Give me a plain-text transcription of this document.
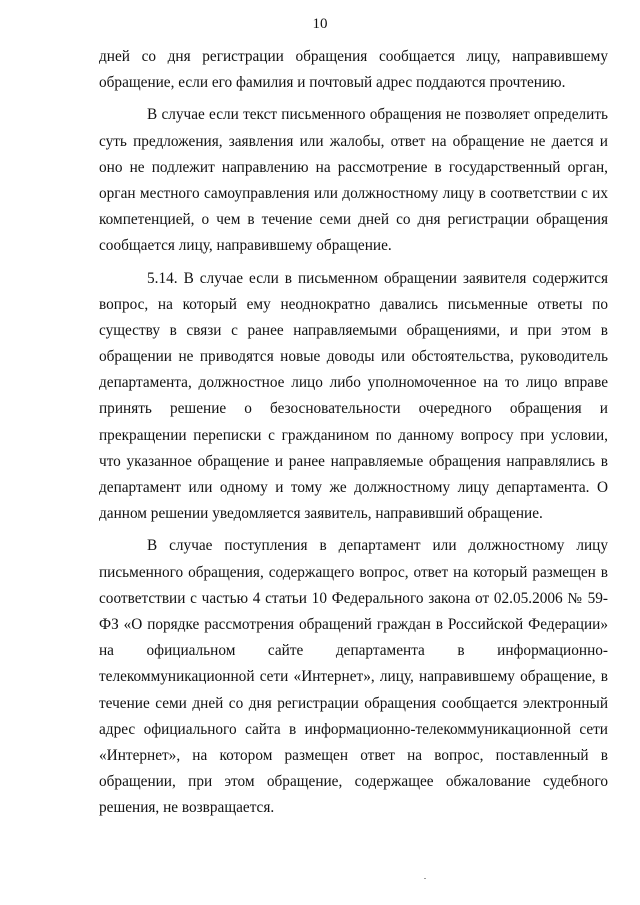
10
дней со дня регистрации обращения сообщается лицу, направившему
обращение, если его фамилия и почтовый адрес поддаются прочтению.
В случае если текст письменного обращения не позволяет определить
суть предложения, заявления или жалобы, ответ на обращение не дается и
оно не подлежит направлению на рассмотрение в государственный орган,
орган местного самоуправления или должностному лицу в соответствии с их
компетенцией, о чем в течение семи дней со дня регистрации обращения
сообщается лицу, направившему обращение.
5.14. В случае если в письменном обращении заявителя содержится
вопрос, на который ему неоднократно давались письменные ответы по
существу в связи с ранее направляемыми обращениями, и при этом в
обращении не приводятся новые доводы или обстоятельства, руководитель
департамента, должностное лицо либо уполномоченное на то лицо вправе
принять решение о безосновательности очередного обращения и
прекращении переписки с гражданином по данному вопросу при условии,
что указанное обращение и ранее направляемые обращения направлялись в
департамент или одному и тому же должностному лицу департамента. О
данном решении уведомляется заявитель, направивший обращение.
В случае поступления в департамент или должностному лицу
письменного обращения, содержащего вопрос, ответ на который размещен в
соответствии с частью 4 статьи 10 Федерального закона от 02.05.2006 № 59-
ФЗ «О порядке рассмотрения обращений граждан в Российской Федерации»
на официальном сайте департамента в информационно-
телекоммуникационной сети «Интернет», лицу, направившему обращение, в
течение семи дней со дня регистрации обращения сообщается электронный
адрес официального сайта в информационно-телекоммуникационной сети
«Интернет», на котором размещен ответ на вопрос, поставленный в
обращении, при этом обращение, содержащее обжалование судебного
решения, не возвращается.
